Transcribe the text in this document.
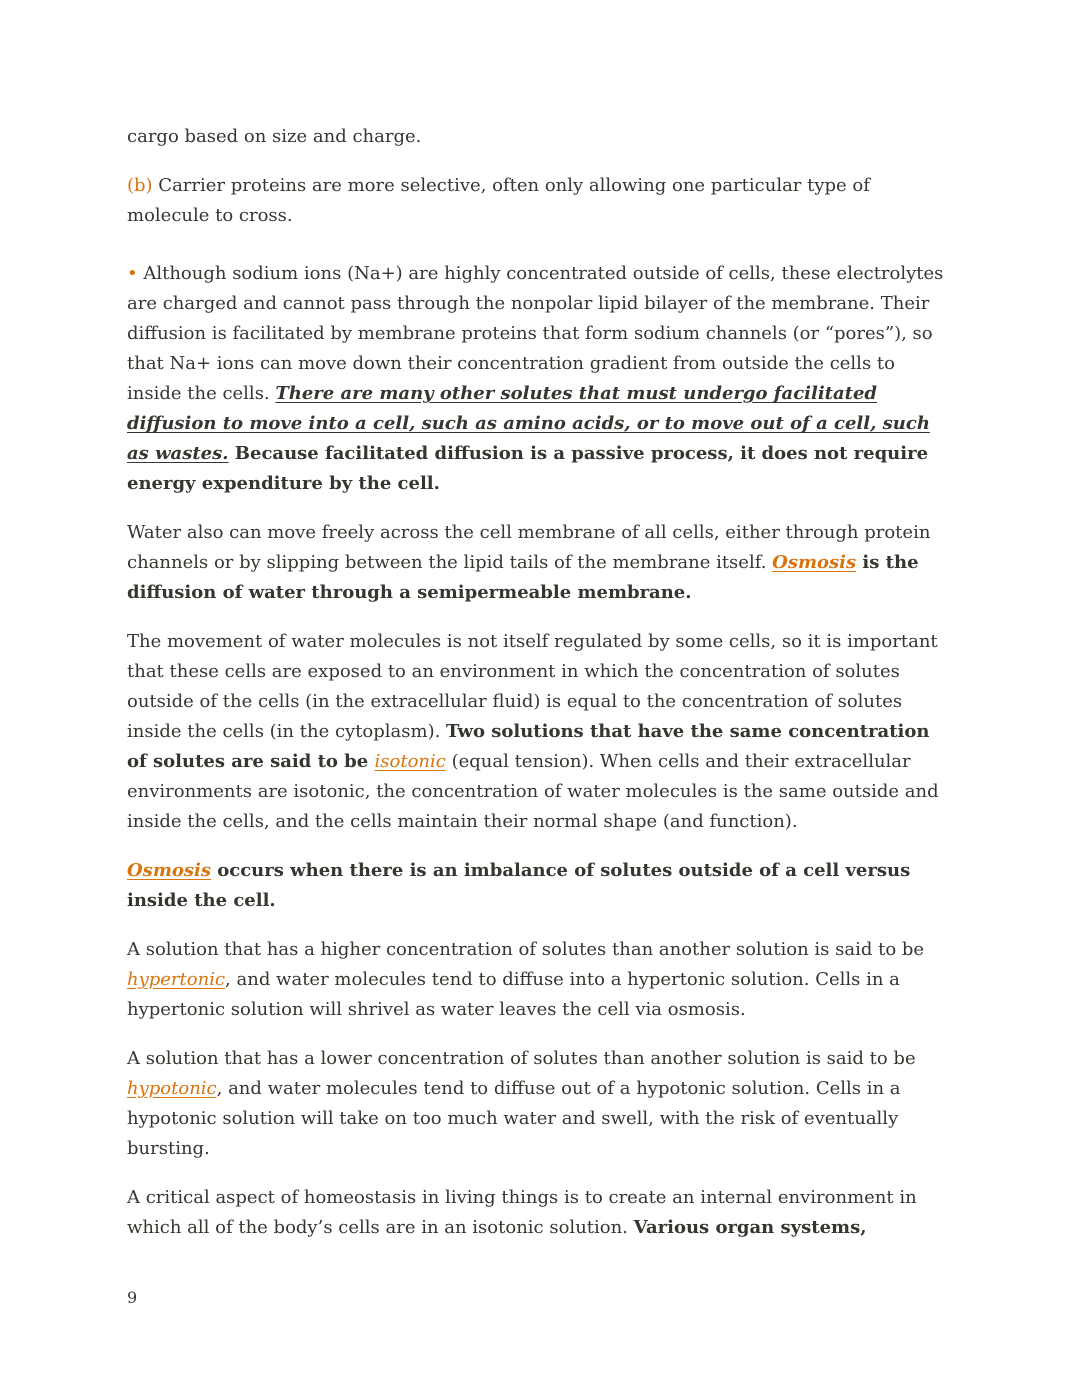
cargo based on size and charge.

(b) Carrier proteins are more selective, often only allowing one particular type of molecule to cross.

• Although sodium ions (Na+) are highly concentrated outside of cells, these electrolytes are charged and cannot pass through the nonpolar lipid bilayer of the membrane. Their diffusion is facilitated by membrane proteins that form sodium channels (or “pores”), so that Na+ ions can move down their concentration gradient from outside the cells to inside the cells. There are many other solutes that must undergo facilitated diffusion to move into a cell, such as amino acids, or to move out of a cell, such as wastes. Because facilitated diffusion is a passive process, it does not require energy expenditure by the cell.

Water also can move freely across the cell membrane of all cells, either through protein channels or by slipping between the lipid tails of the membrane itself. Osmosis is the diffusion of water through a semipermeable membrane.

The movement of water molecules is not itself regulated by some cells, so it is important that these cells are exposed to an environment in which the concentration of solutes outside of the cells (in the extracellular fluid) is equal to the concentration of solutes inside the cells (in the cytoplasm). Two solutions that have the same concentration of solutes are said to be isotonic (equal tension). When cells and their extracellular environments are isotonic, the concentration of water molecules is the same outside and inside the cells, and the cells maintain their normal shape (and function).

Osmosis occurs when there is an imbalance of solutes outside of a cell versus inside the cell.

A solution that has a higher concentration of solutes than another solution is said to be hypertonic, and water molecules tend to diffuse into a hypertonic solution. Cells in a hypertonic solution will shrivel as water leaves the cell via osmosis.

A solution that has a lower concentration of solutes than another solution is said to be hypotonic, and water molecules tend to diffuse out of a hypotonic solution. Cells in a hypotonic solution will take on too much water and swell, with the risk of eventually bursting.

A critical aspect of homeostasis in living things is to create an internal environment in which all of the body’s cells are in an isotonic solution. Various organ systems,

9
